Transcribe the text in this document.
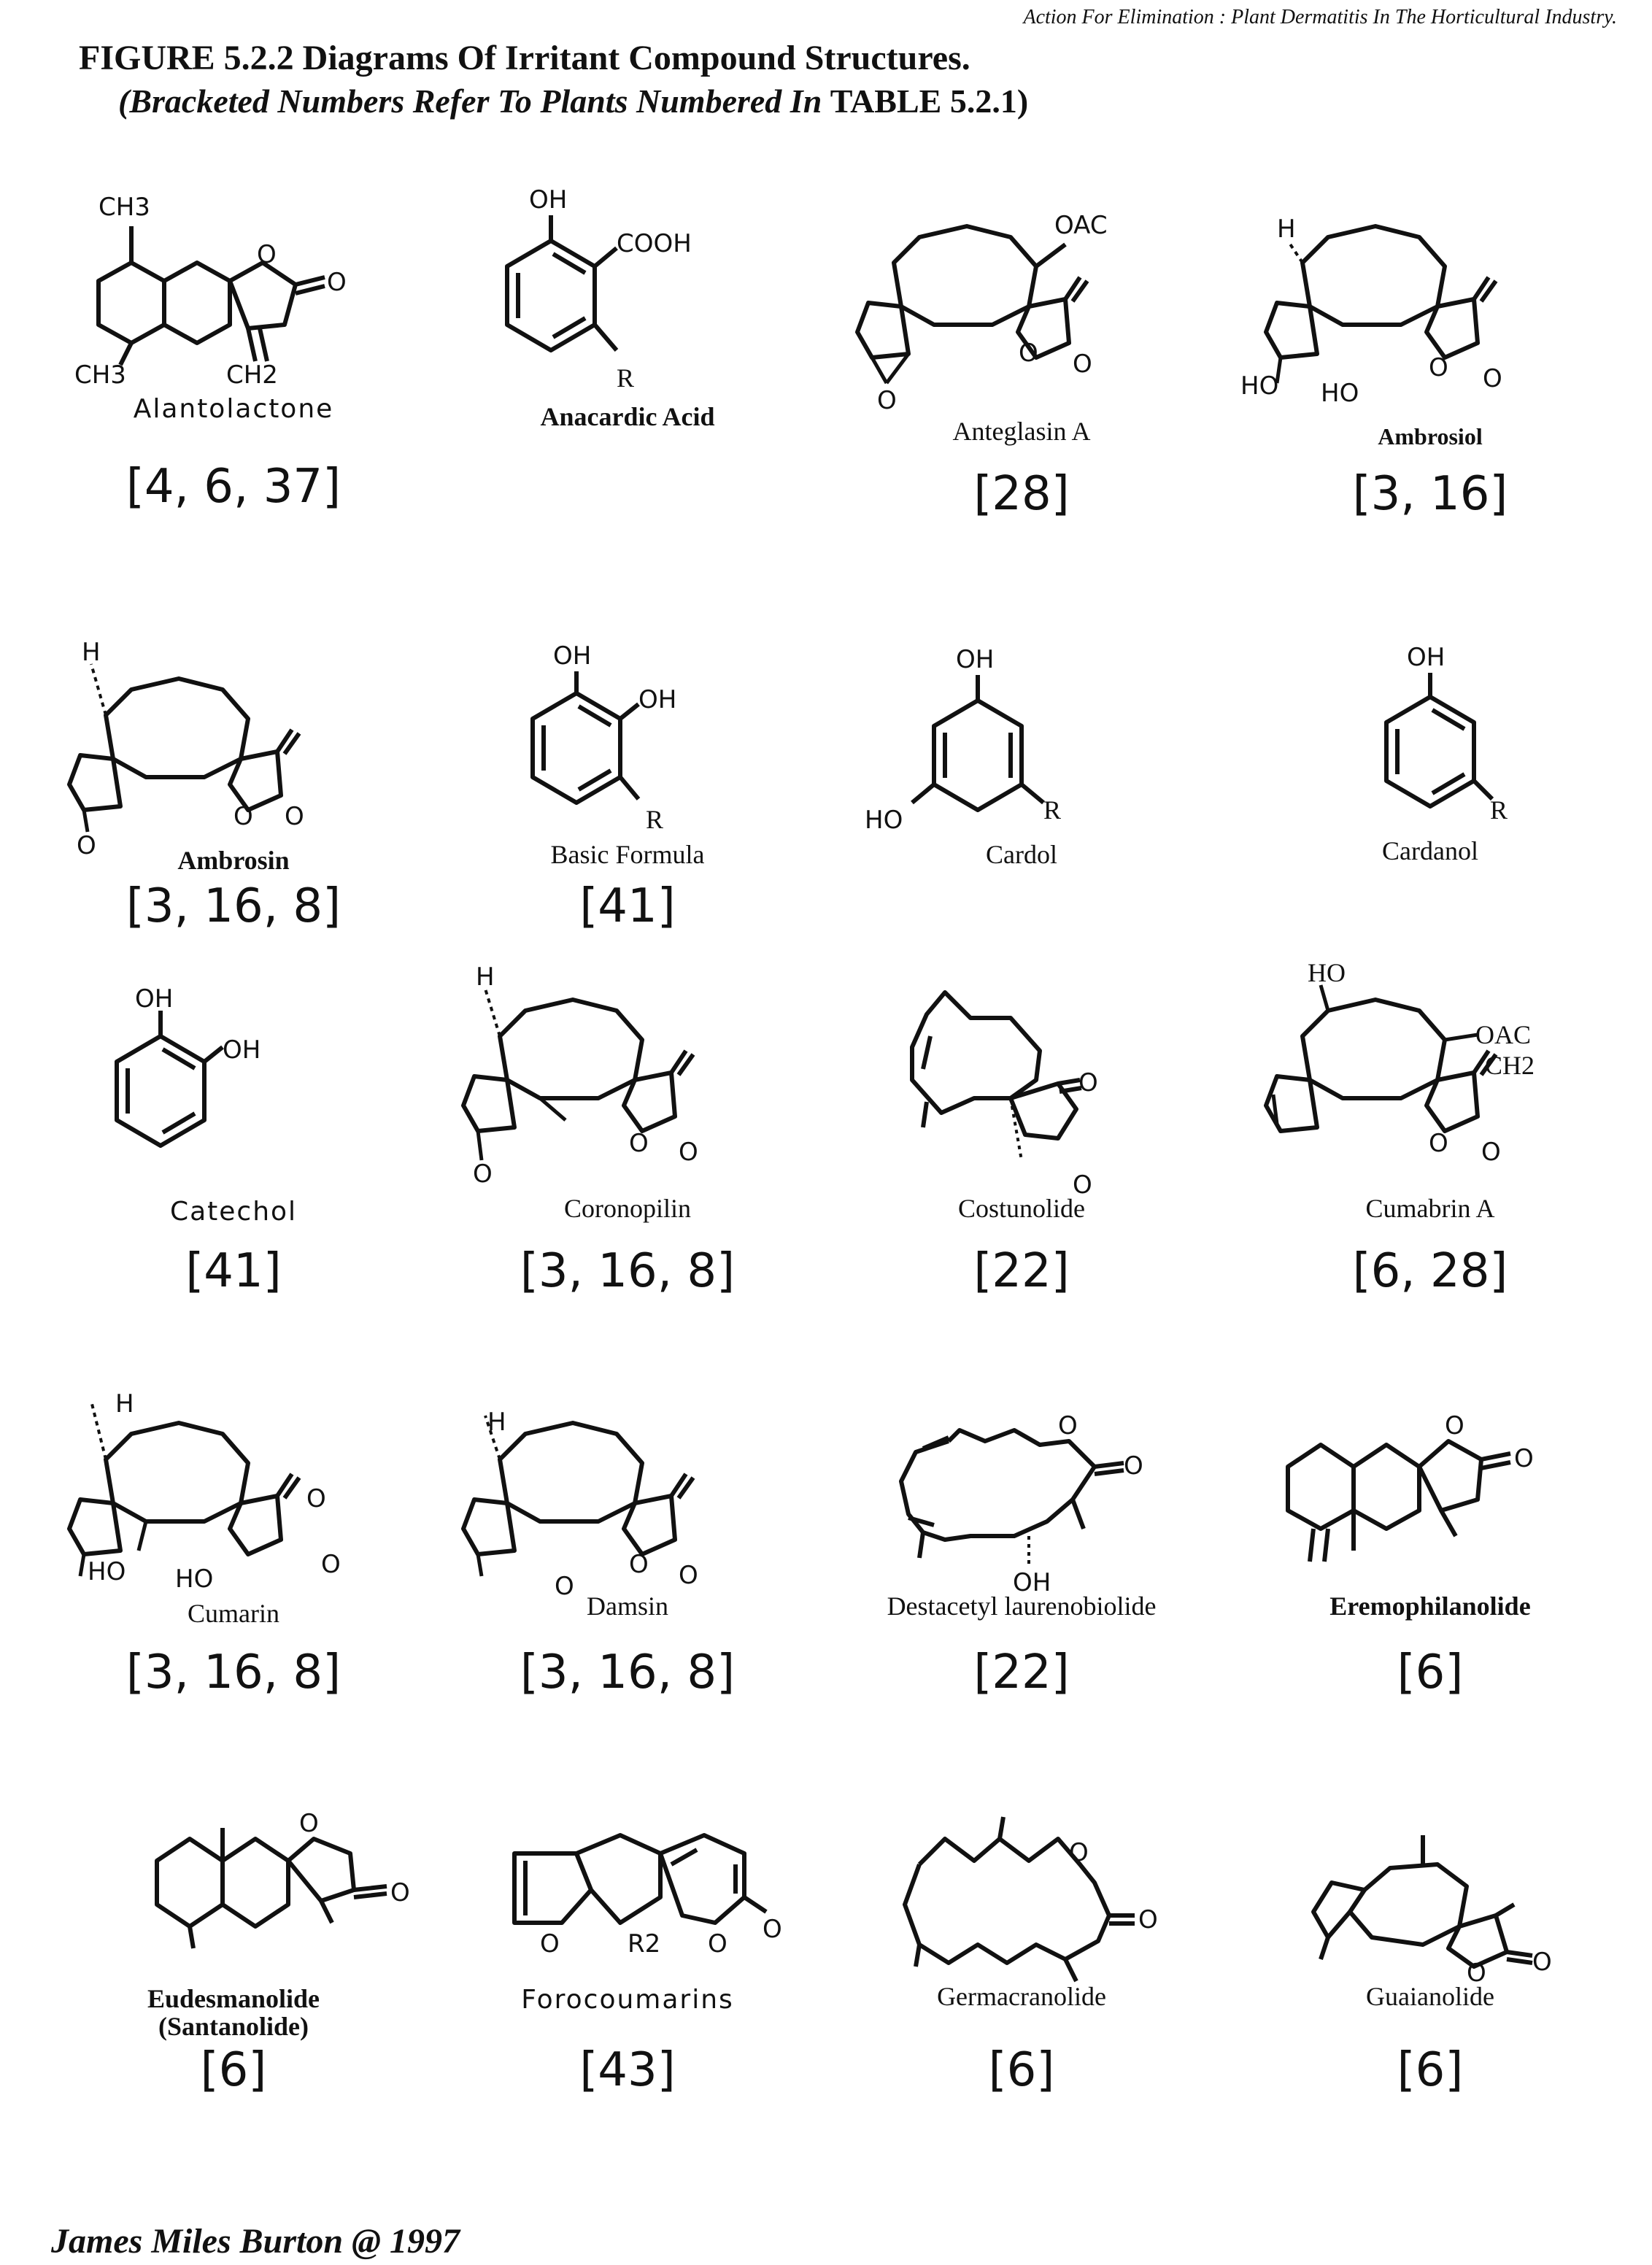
Action For Elimination : Plant Dermatitis In The Horticultural Industry.
FIGURE 5.2.2 Diagrams Of Irritant Compound Structures.
(Bracketed Numbers Refer To Plants Numbered In TABLE 5.2.1)
CH3
O
O
CH3	CH2
Alantolactone
[4, 6, 37]
OH
COOH
R
Anacardic Acid
OAC
O O
O
Anteglasin A
[28]
H
HO HO
O O
Ambrosiol
[3, 16]
H
O
O O
Ambrosin
[3, 16, 8]
OH
OH
R
Basic Formula
[41]
OH
HO	R
Cardol
OH
R
Cardanol
OH
OH
Catechol
[41]
H
O
O O
Coronopilin
[3, 16, 8]
O
O
Costunolide
[22]
HO
OAC
CH2
O O
Cumabrin A
[6, 28]
H
O
O
HO HO
Cumarin
[3, 16, 8]
H
O
O O
Damsin
[3, 16, 8]
O
O
OH
Destacetyl laurenobiolide
[22]
O
O
Eremophilanolide
[6]
O
O
Eudesmanolide
(Santanolide)
[6]
O	R2 O O
Forocoumarins
[43]
O
O
Germacranolide
[6]
O O
Guaianolide
[6]
James Miles Burton @ 1997
